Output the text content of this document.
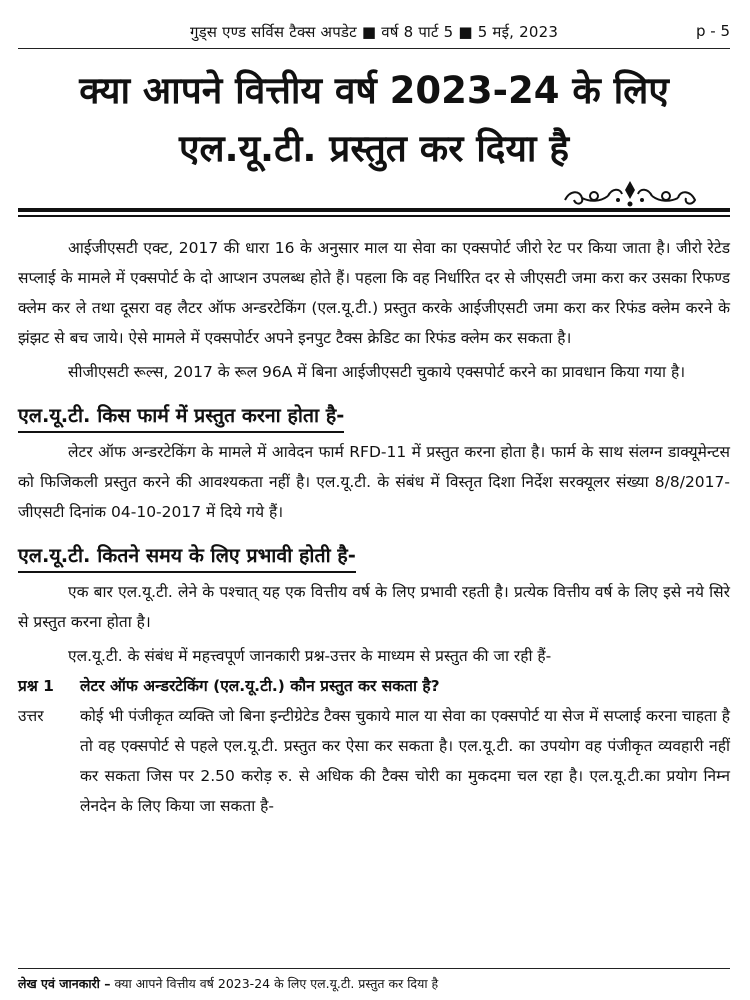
गुड्स एण्ड सर्विस टैक्स अपडेट ■ वर्ष 8 पार्ट 5 ■ 5 मई, 2023	p - 5
क्या आपने वित्तीय वर्ष 2023-24 के लिए
एल.यू.टी. प्रस्तुत कर दिया है

आईजीएसटी एक्ट, 2017 की धारा 16 के अनुसार माल या सेवा का एक्सपोर्ट जीरो रेट पर किया जाता है। जीरो रेटेड सप्लाई के मामले में एक्सपोर्ट के दो आप्शन उपलब्ध होते हैं। पहला कि वह निर्धारित दर से जीएसटी जमा करा कर उसका रिफण्ड क्लेम कर ले तथा दूसरा वह लैटर ऑफ अन्डरटेकिंग (एल.यू.टी.) प्रस्तुत करके आईजीएसटी जमा करा कर रिफंड क्लेम करने के झंझट से बच जाये। ऐसे मामले में एक्सपोर्टर अपने इनपुट टैक्स क्रेडिट का रिफंड क्लेम कर सकता है।

सीजीएसटी रूल्स, 2017 के रूल 96A में बिना आईजीएसटी चुकाये एक्सपोर्ट करने का प्रावधान किया गया है।

एल.यू.टी. किस फार्म में प्रस्तुत करना होता है-

लेटर ऑफ अन्डरटेकिंग के मामले में आवेदन फार्म RFD-11 में प्रस्तुत करना होता है। फार्म के साथ संलग्न डाक्यूमेन्टस को फिजिकली प्रस्तुत करने की आवश्यकता नहीं है। एल.यू.टी. के संबंध में विस्तृत दिशा निर्देश सरक्यूलर संख्या 8/8/2017-जीएसटी दिनांक 04-10-2017 में दिये गये हैं।

एल.यू.टी. कितने समय के लिए प्रभावी होती है-

एक बार एल.यू.टी. लेने के पश्चात् यह एक वित्तीय वर्ष के लिए प्रभावी रहती है। प्रत्येक वित्तीय वर्ष के लिए इसे नये सिरे से प्रस्तुत करना होता है।

एल.यू.टी. के संबंध में महत्त्वपूर्ण जानकारी प्रश्न-उत्तर के माध्यम से प्रस्तुत की जा रही हैं-

प्रश्न 1	लेटर ऑफ अन्डरटेकिंग (एल.यू.टी.) कौन प्रस्तुत कर सकता है?
उत्तर	कोई भी पंजीकृत व्यक्ति जो बिना इन्टीग्रेटेड टैक्स चुकाये माल या सेवा का एक्सपोर्ट या सेज में सप्लाई करना चाहता है तो वह एक्सपोर्ट से पहले एल.यू.टी. प्रस्तुत कर ऐसा कर सकता है। एल.यू.टी. का उपयोग वह पंजीकृत व्यवहारी नहीं कर सकता जिस पर 2.50 करोड़ रु. से अधिक की टैक्स चोरी का मुकदमा चल रहा है। एल.यू.टी.का प्रयोग निम्न लेनदेन के लिए किया जा सकता है-
लेख एवं जानकारी – क्या आपने वित्तीय वर्ष 2023-24 के लिए एल.यू.टी. प्रस्तुत कर दिया है
